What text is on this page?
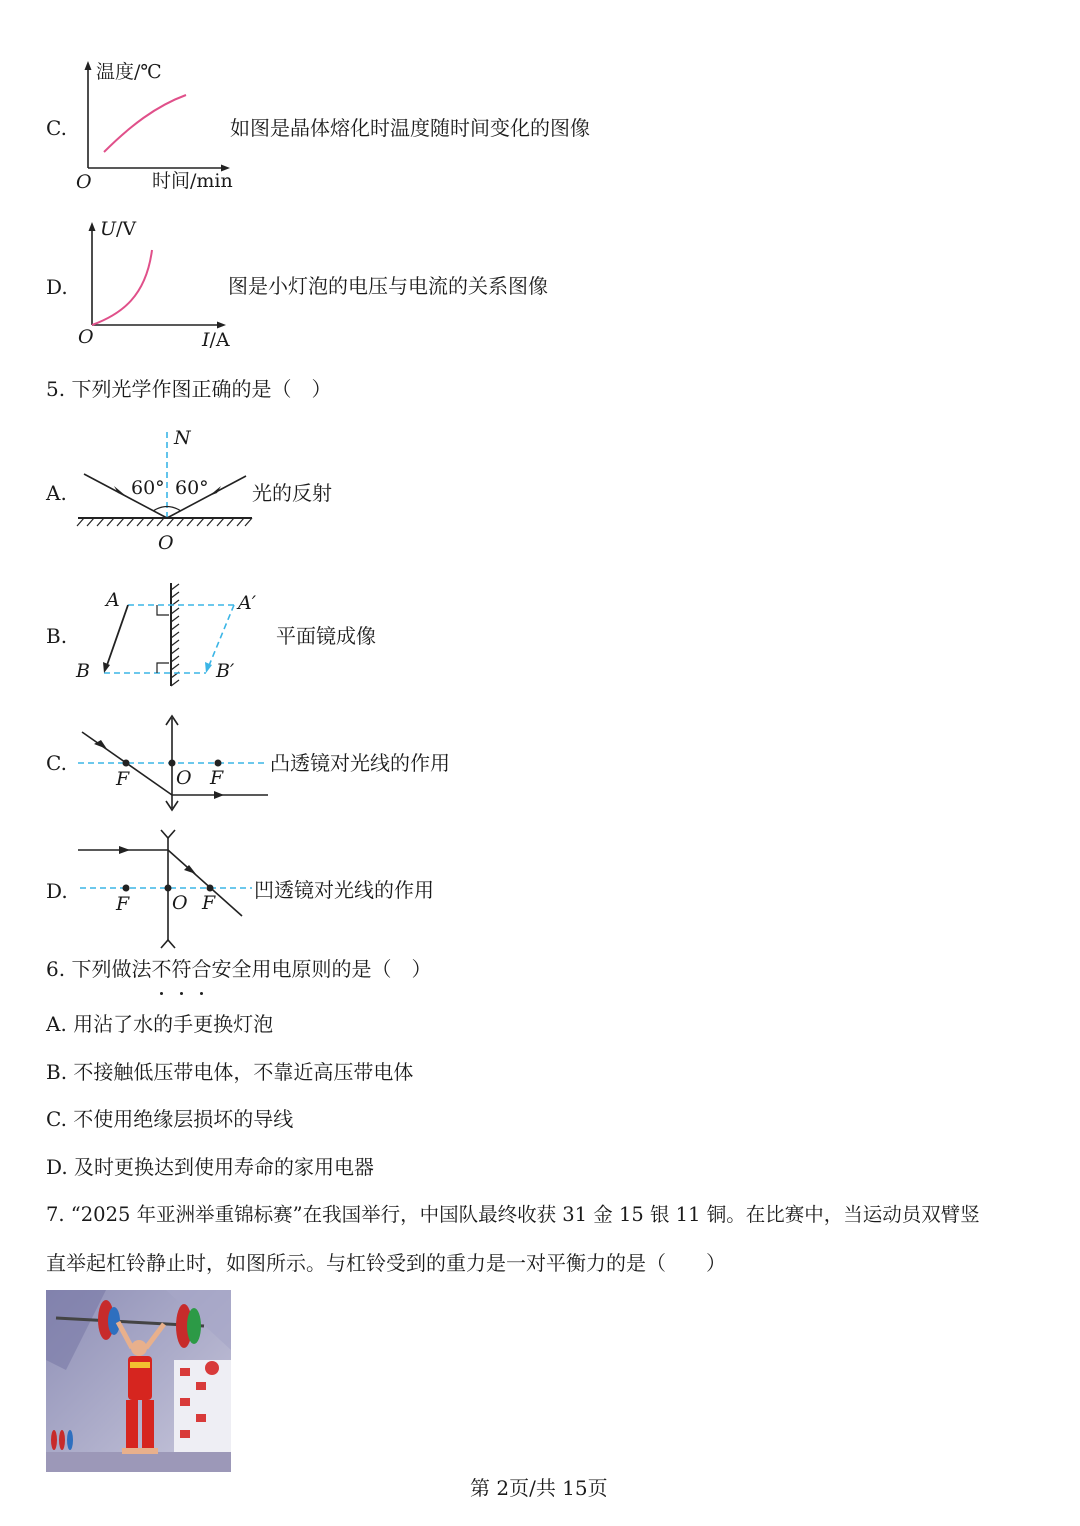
C.
温度/℃
O	时间/min
如图是晶体熔化时温度随时间变化的图像
D.
U/V
O	I/A
图是小灯泡的电压与电流的关系图像
5. 下列光学作图正确的是（　）
A.
N
60° 60°
O
光的反射
B.
A	A′
B	B′
平面镜成像
C.
F O F
凸透镜对光线的作用
D.
F O F
凹透镜对光线的作用
6. 下列做法不符合
安全用电原则的是（　）
A. 用沾了水的手更换灯泡
B. 不接触低压带电体，不靠近高压带电体
C. 不使用绝缘层损坏的导线
D. 及时更换达到使用寿命的家用电器
7. “2025 年亚洲举重锦标赛”在我国举行，中国队最终收获 31 金 15 银 11 铜。在比赛中，当运动员双臂竖
直举起杠铃静止时，如图所示。与杠铃受到的重力是一对平衡力的是（　　）
第 2页/共 15页
